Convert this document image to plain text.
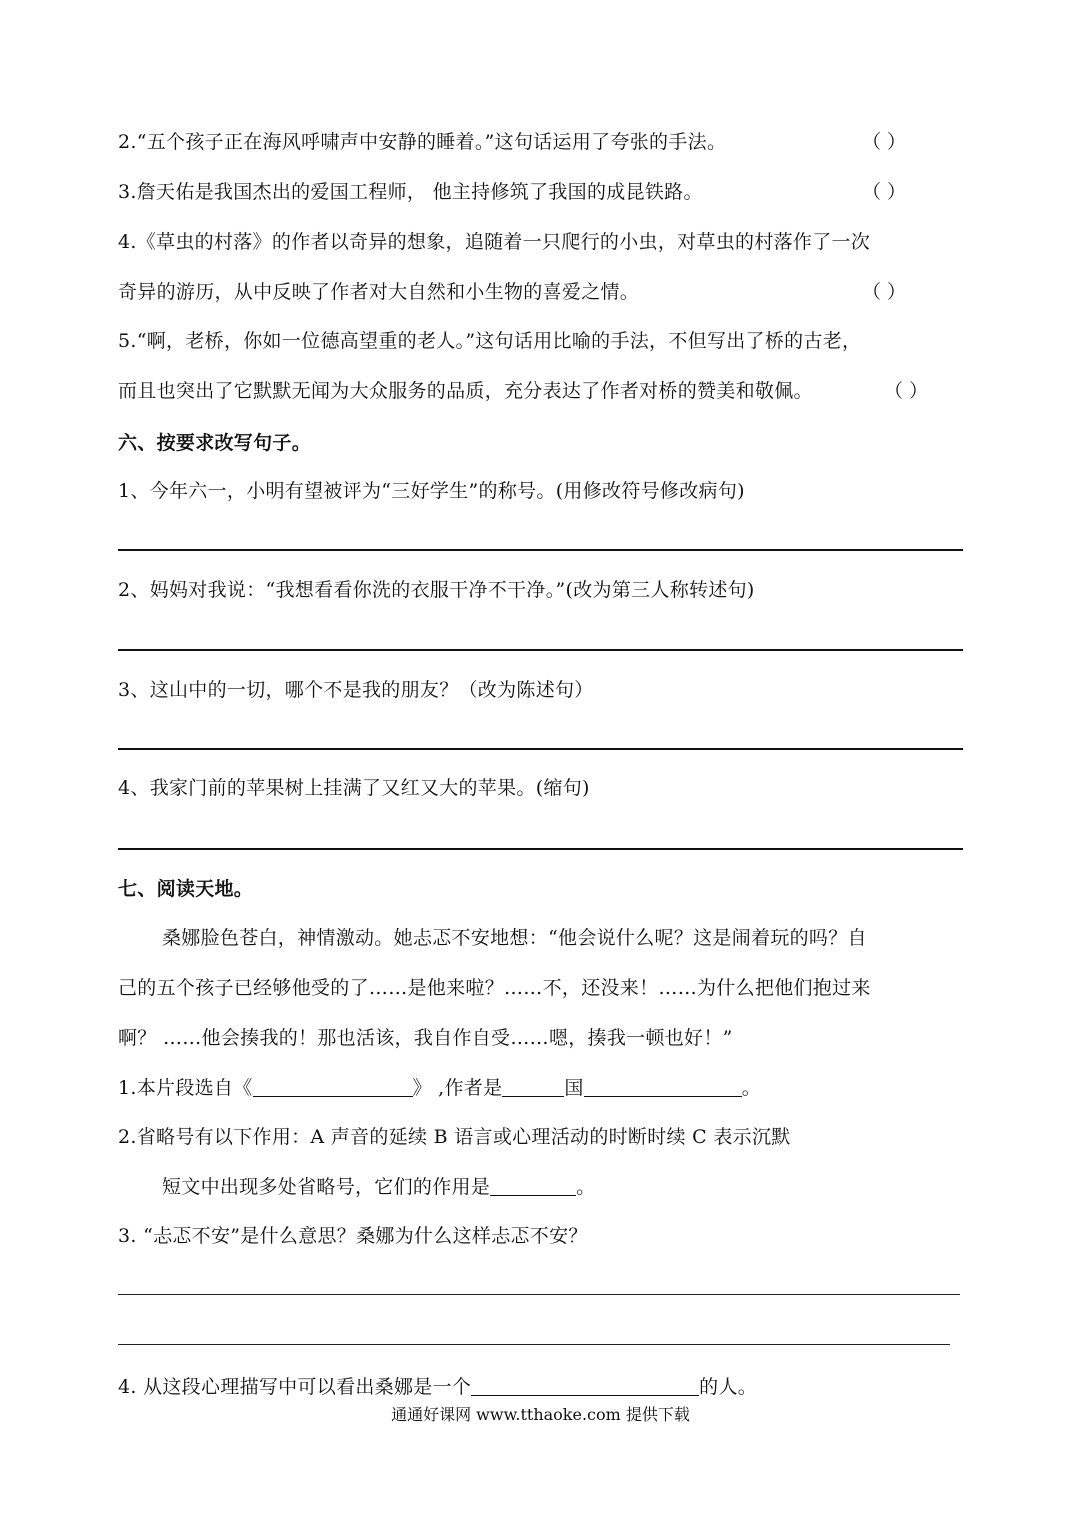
2.“五个孩子正在海风呼啸声中安静的睡着。”这句话运用了夸张的手法。	（ ）
3.詹天佑是我国杰出的爱国工程师， 他主持修筑了我国的成昆铁路。	（ ）
4.《草虫的村落》的作者以奇异的想象，追随着一只爬行的小虫，对草虫的村落作了一次
奇异的游历，从中反映了作者对大自然和小生物的喜爱之情。	（ ）
5.“啊，老桥，你如一位德高望重的老人。”这句话用比喻的手法，不但写出了桥的古老，
而且也突出了它默默无闻为大众服务的品质，充分表达了作者对桥的赞美和敬佩。	（ ）
六、按要求改写句子。
1、今年六一，小明有望被评为“三好学生”的称号。(用修改符号修改病句)
2、妈妈对我说：“我想看看你洗的衣服干净不干净。”(改为第三人称转述句)
3、这山中的一切，哪个不是我的朋友？（改为陈述句）
4、我家门前的苹果树上挂满了又红又大的苹果。(缩句)
七、阅读天地。
桑娜脸色苍白，神情激动。她忐忑不安地想：“他会说什么呢？这是闹着玩的吗？自
己的五个孩子已经够他受的了……是他来啦？……不，还没来！……为什么把他们抱过来
啊？ ……他会揍我的！那也活该，我自作自受……嗯，揍我一顿也好！”
1.本片段选自《	》 ,作者是	国	。
2.省略号有以下作用：A 声音的延续 B 语言或心理活动的时断时续 C 表示沉默
短文中出现多处省略号，它们的作用是	。
3. “忐忑不安”是什么意思？桑娜为什么这样忐忑不安？
4. 从这段心理描写中可以看出桑娜是一个	的人。
通通好课网 www.tthaoke.com 提供下载
